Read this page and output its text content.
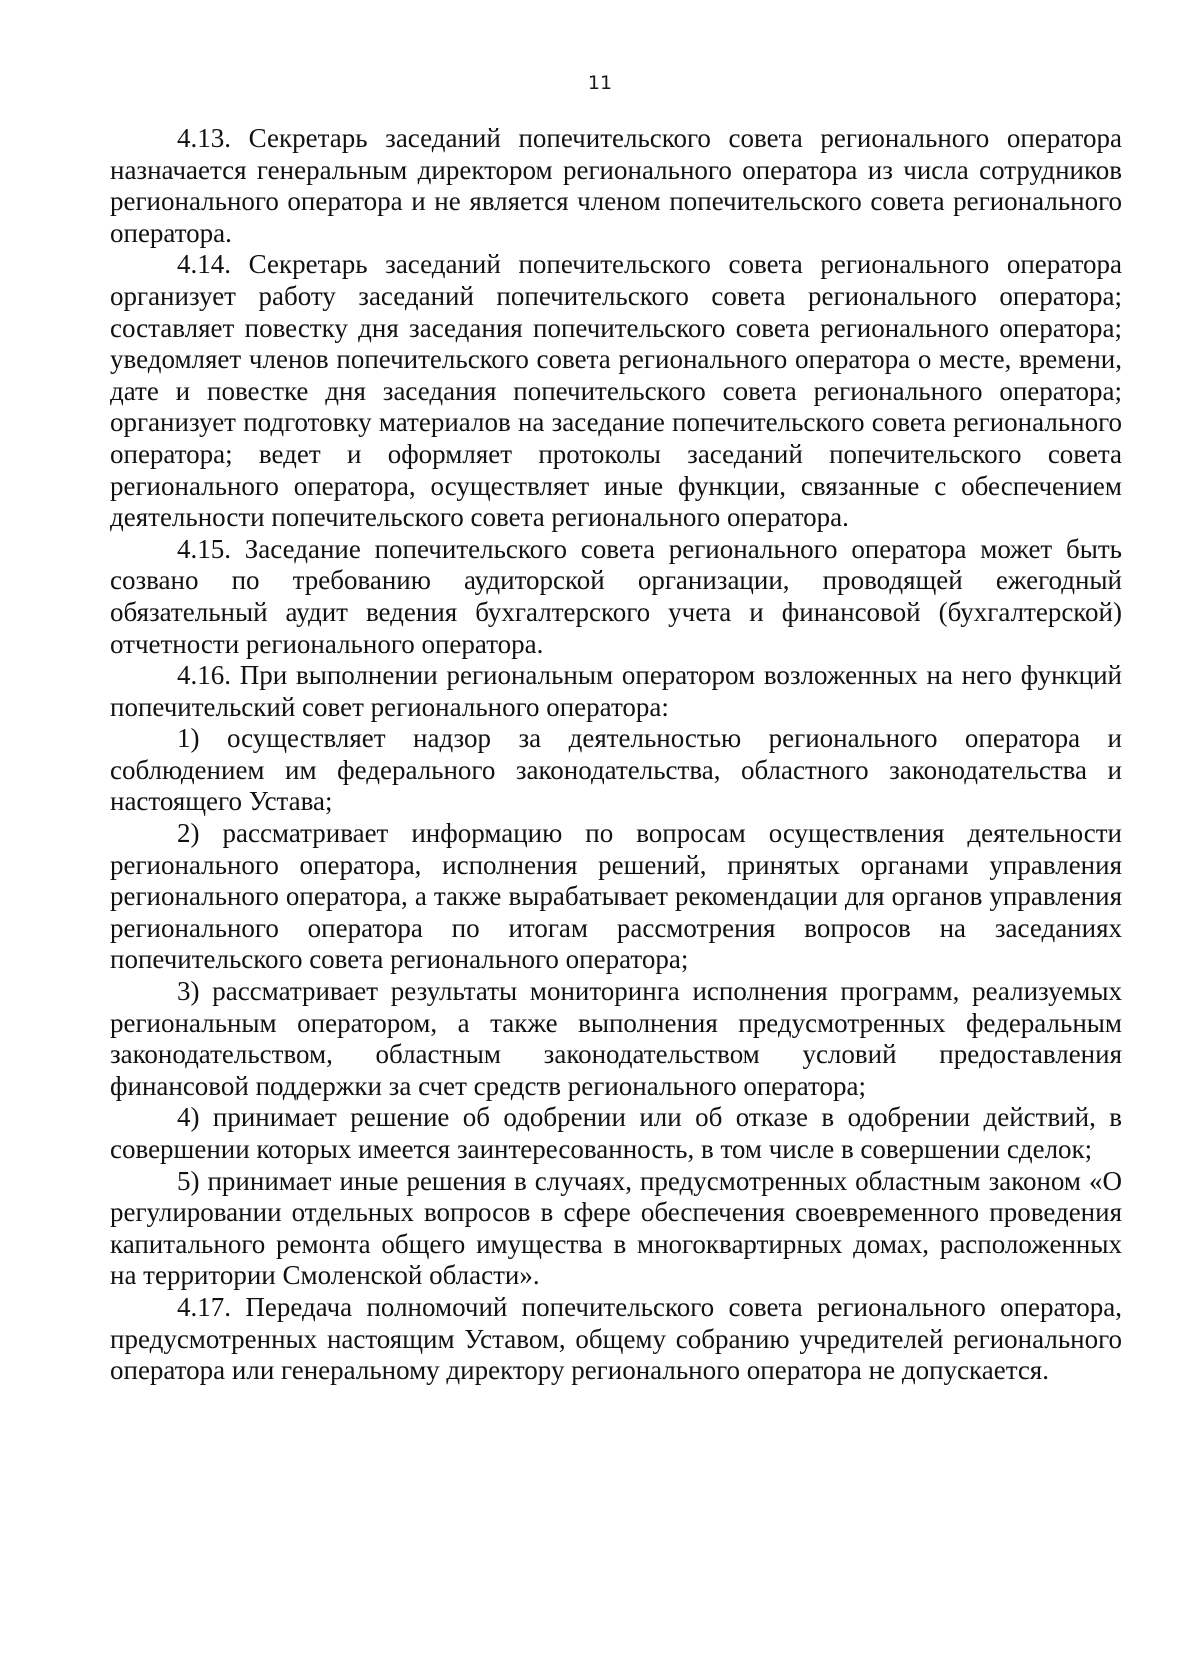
11

4.13. Секретарь заседаний попечительского совета регионального оператора назначается генеральным директором регионального оператора из числа сотрудников регионального оператора и не является членом попечительского совета регионального оператора.

4.14. Секретарь заседаний попечительского совета регионального оператора организует работу заседаний попечительского совета регионального оператора; составляет повестку дня заседания попечительского совета регионального оператора; уведомляет членов попечительского совета регионального оператора о месте, времени, дате и повестке дня заседания попечительского совета регионального оператора; организует подготовку материалов на заседание попечительского совета регионального оператора; ведет и оформляет протоколы заседаний попечительского совета регионального оператора, осуществляет иные функции, связанные с обеспечением деятельности попечительского совета регионального оператора.

4.15. Заседание попечительского совета регионального оператора может быть созвано по требованию аудиторской организации, проводящей ежегодный обязательный аудит ведения бухгалтерского учета и финансовой (бухгалтерской) отчетности регионального оператора.

4.16. При выполнении региональным оператором возложенных на него функций попечительский совет регионального оператора:

1) осуществляет надзор за деятельностью регионального оператора и соблюдением им федерального законодательства, областного законодательства и настоящего Устава;

2) рассматривает информацию по вопросам осуществления деятельности регионального оператора, исполнения решений, принятых органами управления регионального оператора, а также вырабатывает рекомендации для органов управления регионального оператора по итогам рассмотрения вопросов на заседаниях попечительского совета регионального оператора;

3) рассматривает результаты мониторинга исполнения программ, реализуемых региональным оператором, а также выполнения предусмотренных федеральным законодательством, областным законодательством условий предоставления финансовой поддержки за счет средств регионального оператора;

4) принимает решение об одобрении или об отказе в одобрении действий, в совершении которых имеется заинтересованность, в том числе в совершении сделок;

5) принимает иные решения в случаях, предусмотренных областным законом «О регулировании отдельных вопросов в сфере обеспечения своевременного проведения капитального ремонта общего имущества в многоквартирных домах, расположенных на территории Смоленской области».

4.17. Передача полномочий попечительского совета регионального оператора, предусмотренных настоящим Уставом, общему собранию учредителей регионального оператора или генеральному директору регионального оператора не допускается.
